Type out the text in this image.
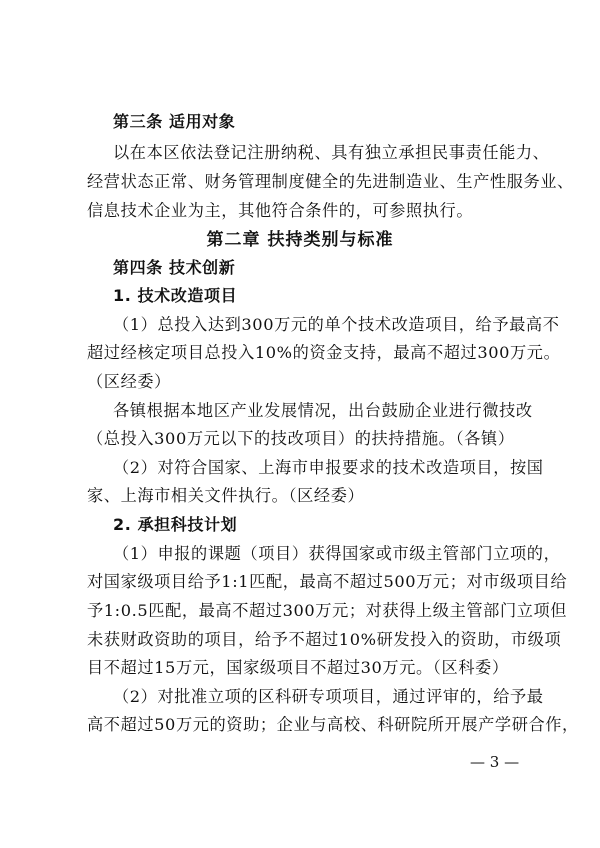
第三条 适用对象
以在本区依法登记注册纳税、具有独立承担民事责任能力、
经营状态正常、财务管理制度健全的先进制造业、生产性服务业、
信息技术企业为主，其他符合条件的，可参照执行。
第二章 扶持类别与标准
第四条 技术创新
1. 技术改造项目
（1）总投入达到300万元的单个技术改造项目，给予最高不
超过经核定项目总投入10%的资金支持，最高不超过300万元。
（区经委）
各镇根据本地区产业发展情况，出台鼓励企业进行微技改
（总投入300万元以下的技改项目）的扶持措施。（各镇）
（2）对符合国家、上海市申报要求的技术改造项目，按国
家、上海市相关文件执行。（区经委）
2. 承担科技计划
（1）申报的课题（项目）获得国家或市级主管部门立项的，
对国家级项目给予1:1匹配，最高不超过500万元；对市级项目给
予1:0.5匹配，最高不超过300万元；对获得上级主管部门立项但
未获财政资助的项目，给予不超过10%研发投入的资助，市级项
目不超过15万元，国家级项目不超过30万元。（区科委）
（2）对批准立项的区科研专项项目，通过评审的，给予最
高不超过50万元的资助；企业与高校、科研院所开展产学研合作，
— 3 —
